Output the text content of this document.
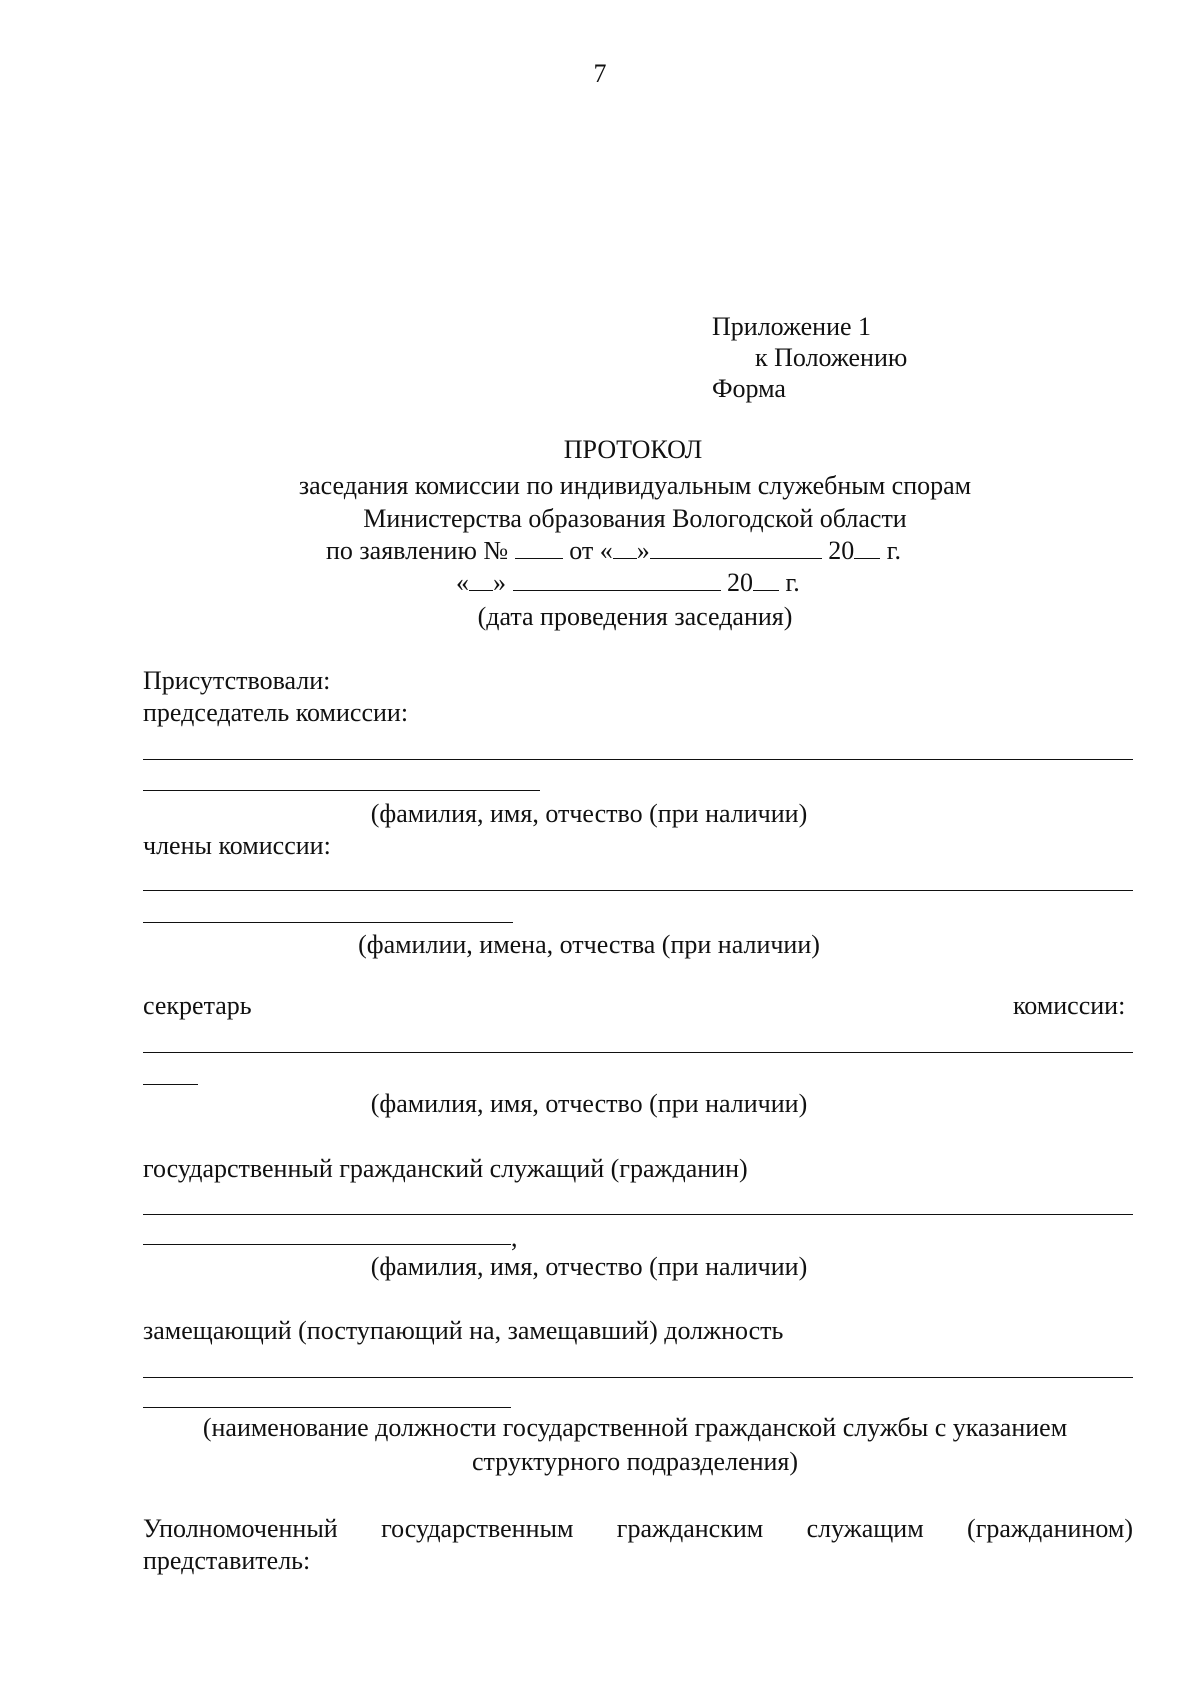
7
Приложение 1
к Положению
Форма
ПРОТОКОЛ
заседания комиссии по индивидуальным служебным спорам
Министерства образования Вологодской области
по заявлению № от « »	20 г.
« »	20 г.
(дата проведения заседания)
Присутствовали:
председатель комиссии:
(фамилия, имя, отчество (при наличии)
члены комиссии:
(фамилии, имена, отчества (при наличии)
секретарь	комиссии:
(фамилия, имя, отчество (при наличии)
государственный гражданский служащий (гражданин)
,
(фамилия, имя, отчество (при наличии)
замещающий (поступающий на, замещавший) должность
(наименование должности государственной гражданской службы с указанием
структурного подразделения)
Уполномоченный государственным гражданским служащим (гражданином)
представитель:
